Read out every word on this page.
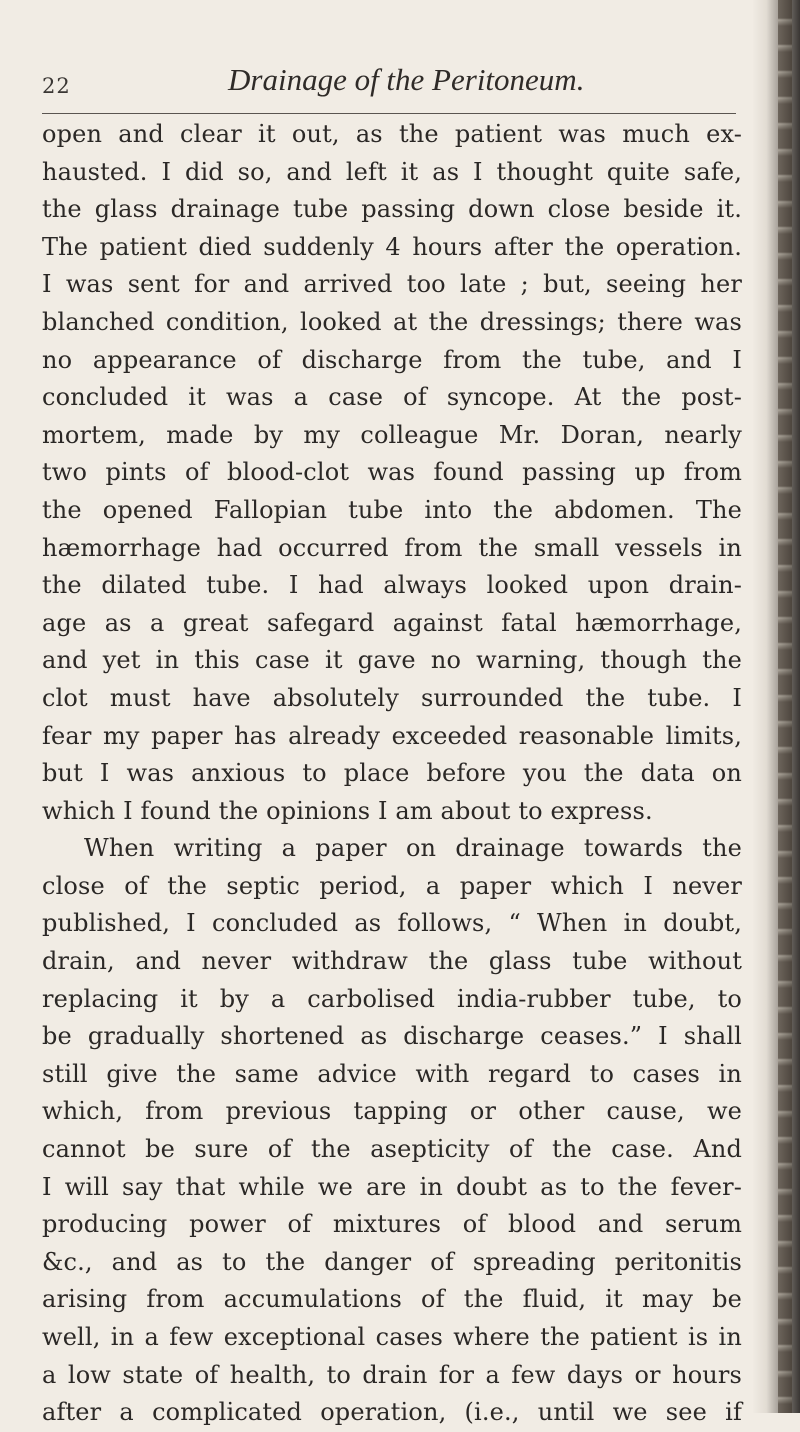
22	Drainage of the Peritoneum.
open and clear it out, as the patient was much ex-
hausted. I did so, and left it as I thought quite safe,
the glass drainage tube passing down close beside it.
The patient died suddenly 4 hours after the operation.
I was sent for and arrived too late ; but, seeing her
blanched condition, looked at the dressings; there was
no appearance of discharge from the tube, and I
concluded it was a case of syncope. At the post-
mortem, made by my colleague Mr. Doran, nearly
two pints of blood-clot was found passing up from
the opened Fallopian tube into the abdomen. The
hæmorrhage had occurred from the small vessels in
the dilated tube. I had always looked upon drain-
age as a great safegard against fatal hæmorrhage,
and yet in this case it gave no warning, though the
clot must have absolutely surrounded the tube. I
fear my paper has already exceeded reasonable limits,
but I was anxious to place before you the data on
which I found the opinions I am about to express.
When writing a paper on drainage towards the
close of the septic period, a paper which I never
published, I concluded as follows, “ When in doubt,
drain, and never withdraw the glass tube without
replacing it by a carbolised india-rubber tube, to
be gradually shortened as discharge ceases.” I shall
still give the same advice with regard to cases in
which, from previous tapping or other cause, we
cannot be sure of the asepticity of the case. And
I will say that while we are in doubt as to the fever-
producing power of mixtures of blood and serum
&c., and as to the danger of spreading peritonitis
arising from accumulations of the fluid, it may be
well, in a few exceptional cases where the patient is in
a low state of health, to drain for a few days or hours
after a complicated operation, (i.e., until we see if
